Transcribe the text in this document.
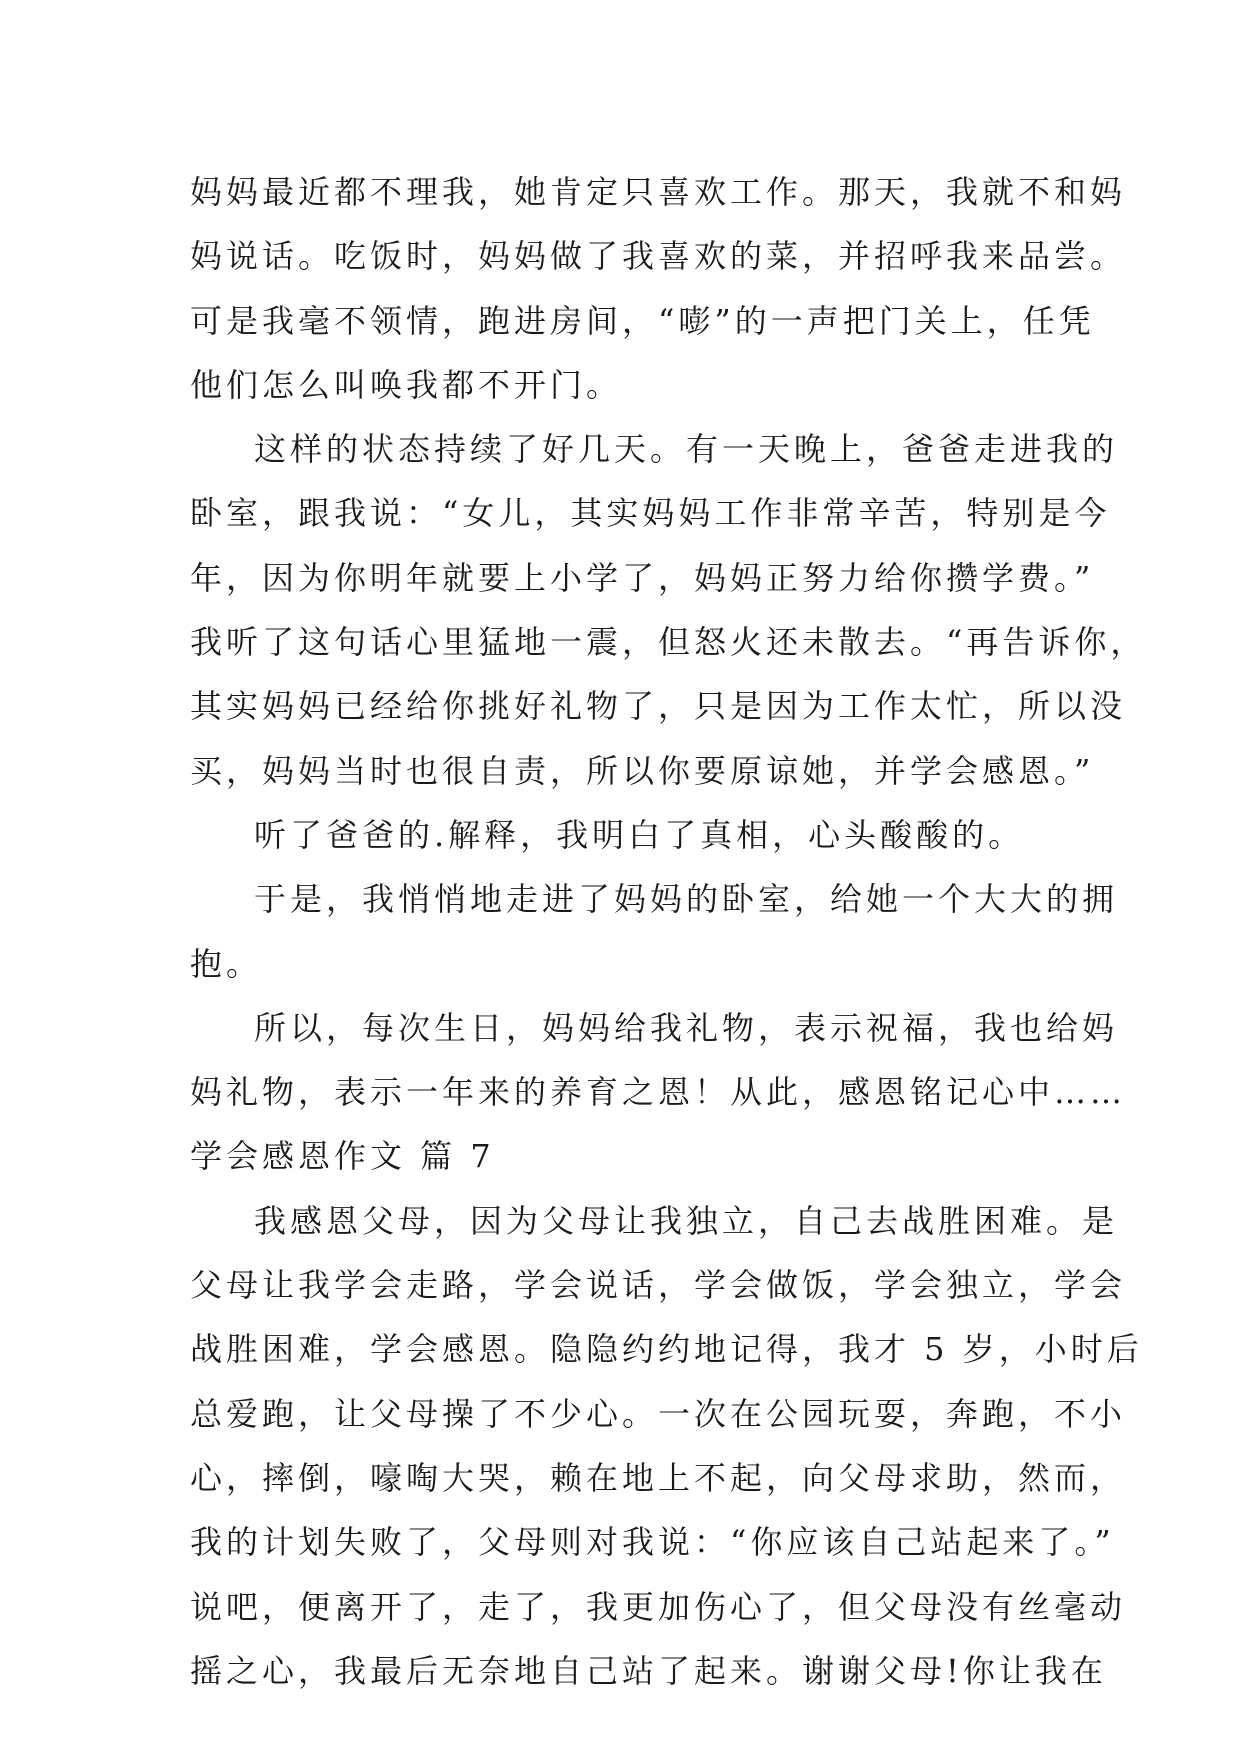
妈妈最近都不理我，她肯定只喜欢工作。那天，我就不和妈
妈说话。吃饭时，妈妈做了我喜欢的菜，并招呼我来品尝。
可是我毫不领情，跑进房间，“嘭”的一声把门关上，任凭
他们怎么叫唤我都不开门。
这样的状态持续了好几天。有一天晚上，爸爸走进我的
卧室，跟我说：“女儿，其实妈妈工作非常辛苦，特别是今
年，因为你明年就要上小学了，妈妈正努力给你攒学费。”
我听了这句话心里猛地一震，但怒火还未散去。“再告诉你，
其实妈妈已经给你挑好礼物了，只是因为工作太忙，所以没
买，妈妈当时也很自责，所以你要原谅她，并学会感恩。”
听了爸爸的.解释，我明白了真相，心头酸酸的。
于是，我悄悄地走进了妈妈的卧室，给她一个大大的拥
抱。
所以，每次生日，妈妈给我礼物，表示祝福，我也给妈
妈礼物，表示一年来的养育之恩！从此，感恩铭记心中……
学会感恩作文 篇 7
我感恩父母，因为父母让我独立，自己去战胜困难。是
父母让我学会走路，学会说话，学会做饭，学会独立，学会
战胜困难，学会感恩。隐隐约约地记得，我才 5 岁，小时后
总爱跑，让父母操了不少心。一次在公园玩耍，奔跑，不小
心，摔倒，嚎啕大哭，赖在地上不起，向父母求助，然而，
我的计划失败了，父母则对我说：“你应该自己站起来了。”
说吧，便离开了，走了，我更加伤心了，但父母没有丝毫动
摇之心，我最后无奈地自己站了起来。谢谢父母!你让我在
